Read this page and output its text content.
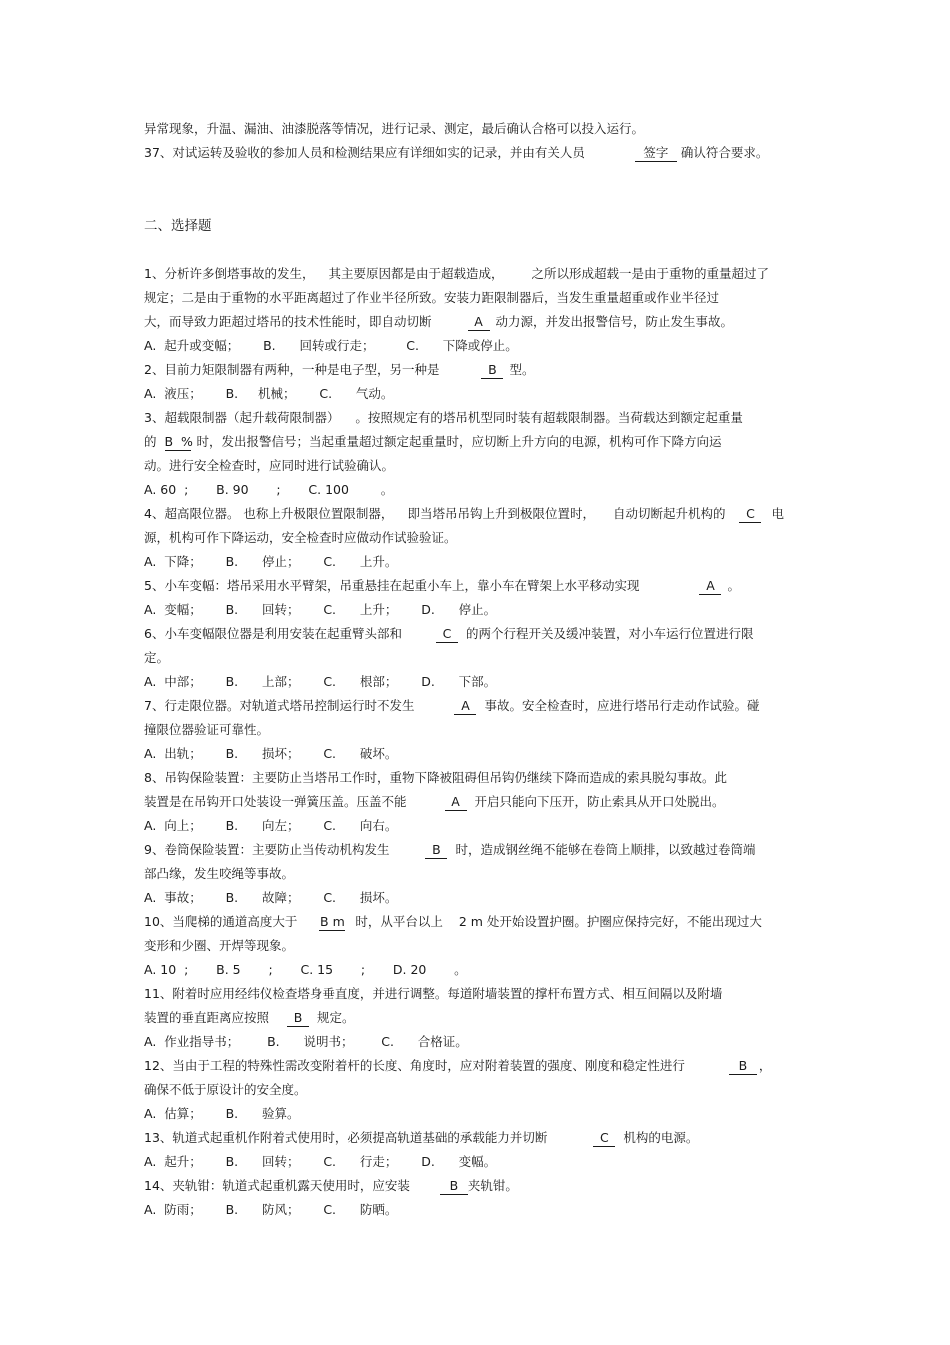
异常现象，升温、漏油、油漆脱落等情况，进行记录、测定，最后确认合格可以投入运行。
37、对试运转及验收的参加人员和检测结果应有详细如实的记录，并由有关人员	签字 确认符合要求。
二、选择题
1、分析许多倒塔事故的发生， 其主要原因都是由于超载造成， 之所以形成超载一是由于重物的重量超过了
规定；二是由于重物的水平距离超过了作业半径所致。安装力距限制器后，当发生重量超重或作业半径过
大，而导致力距超过塔吊的技术性能时，即自动切断	A 动力源，并发出报警信号，防止发生事故。
A.  起升或变幅；      B.      回转或行走；        C.      下降或停止。
2、目前力矩限制器有两种，一种是电子型，另一种是	B 型。
A.  液压；      B.     机械；      C.      气动。
3、超载限制器（起升载荷限制器）    。按照规定有的塔吊机型同时装有超载限制器。当荷载达到额定起重量
的 B  % 时，发出报警信号；当起重量超过额定起重量时，应切断上升方向的电源，机构可作下降方向运
动。进行安全检查时，应同时进行试验确认。
A. 60  ;       B. 90       ;       C. 100        。
4、超高限位器。 也称上升极限位置限制器， 即当塔吊吊钩上升到极限位置时， 自动切断起升机构的 C 电
源，机构可作下降运动，安全检查时应做动作试验验证。
A.  下降；      B.      停止；      C.      上升。
5、小车变幅：塔吊采用水平臂架，吊重悬挂在起重小车上，靠小车在臂架上水平移动实现	A 。
A.  变幅；      B.      回转；      C.      上升；      D.      停止。
6、小车变幅限位器是利用安装在起重臂头部和	C 的两个行程开关及缓冲装置，对小车运行位置进行限
定。
A.  中部；      B.      上部；      C.      根部；      D.      下部。
7、行走限位器。对轨道式塔吊控制运行时不发生	A 事故。安全检查时，应进行塔吊行走动作试验。碰
撞限位器验证可靠性。
A.  出轨；      B.      损坏；      C.      破坏。
8、吊钩保险装置：主要防止当塔吊工作时，重物下降被阻碍但吊钩仍继续下降而造成的索具脱勾事故。此
装置是在吊钩开口处装设一弹簧压盖。压盖不能	A 开启只能向下压开，防止索具从开口处脱出。
A.  向上；      B.      向左；      C.      向右。
9、卷筒保险装置：主要防止当传动机构发生	B 时，造成钢丝绳不能够在卷筒上顺排，以致越过卷筒端
部凸缘，发生咬绳等事故。
A.  事故；      B.      故障；      C.      损坏。
10、当爬梯的通道高度大于 B m 时，从平台以上    2 m 处开始设置护圈。护圈应保持完好，不能出现过大
变形和少圈、开焊等现象。
A. 10  ;       B. 5       ;       C. 15       ;       D. 20       。
11、附着时应用经纬仪检查塔身垂直度，并进行调整。每道附墙装置的撑杆布置方式、相互间隔以及附墙
装置的垂直距离应按照 B 规定。
A.  作业指导书；       B.      说明书；       C.      合格证。
12、当由于工程的特殊性需改变附着杆的长度、角度时，应对附着装置的强度、刚度和稳定性进行	B ，
确保不低于原设计的安全度。
A.  估算；      B.      验算。
13、轨道式起重机作附着式使用时，必须提高轨道基础的承载能力并切断	C 机构的电源。
A.  起升；      B.      回转；      C.      行走；      D.      变幅。
14、夹轨钳：轨道式起重机露天使用时，应安装	B 夹轨钳。
A.  防雨；      B.      防风；      C.      防晒。
